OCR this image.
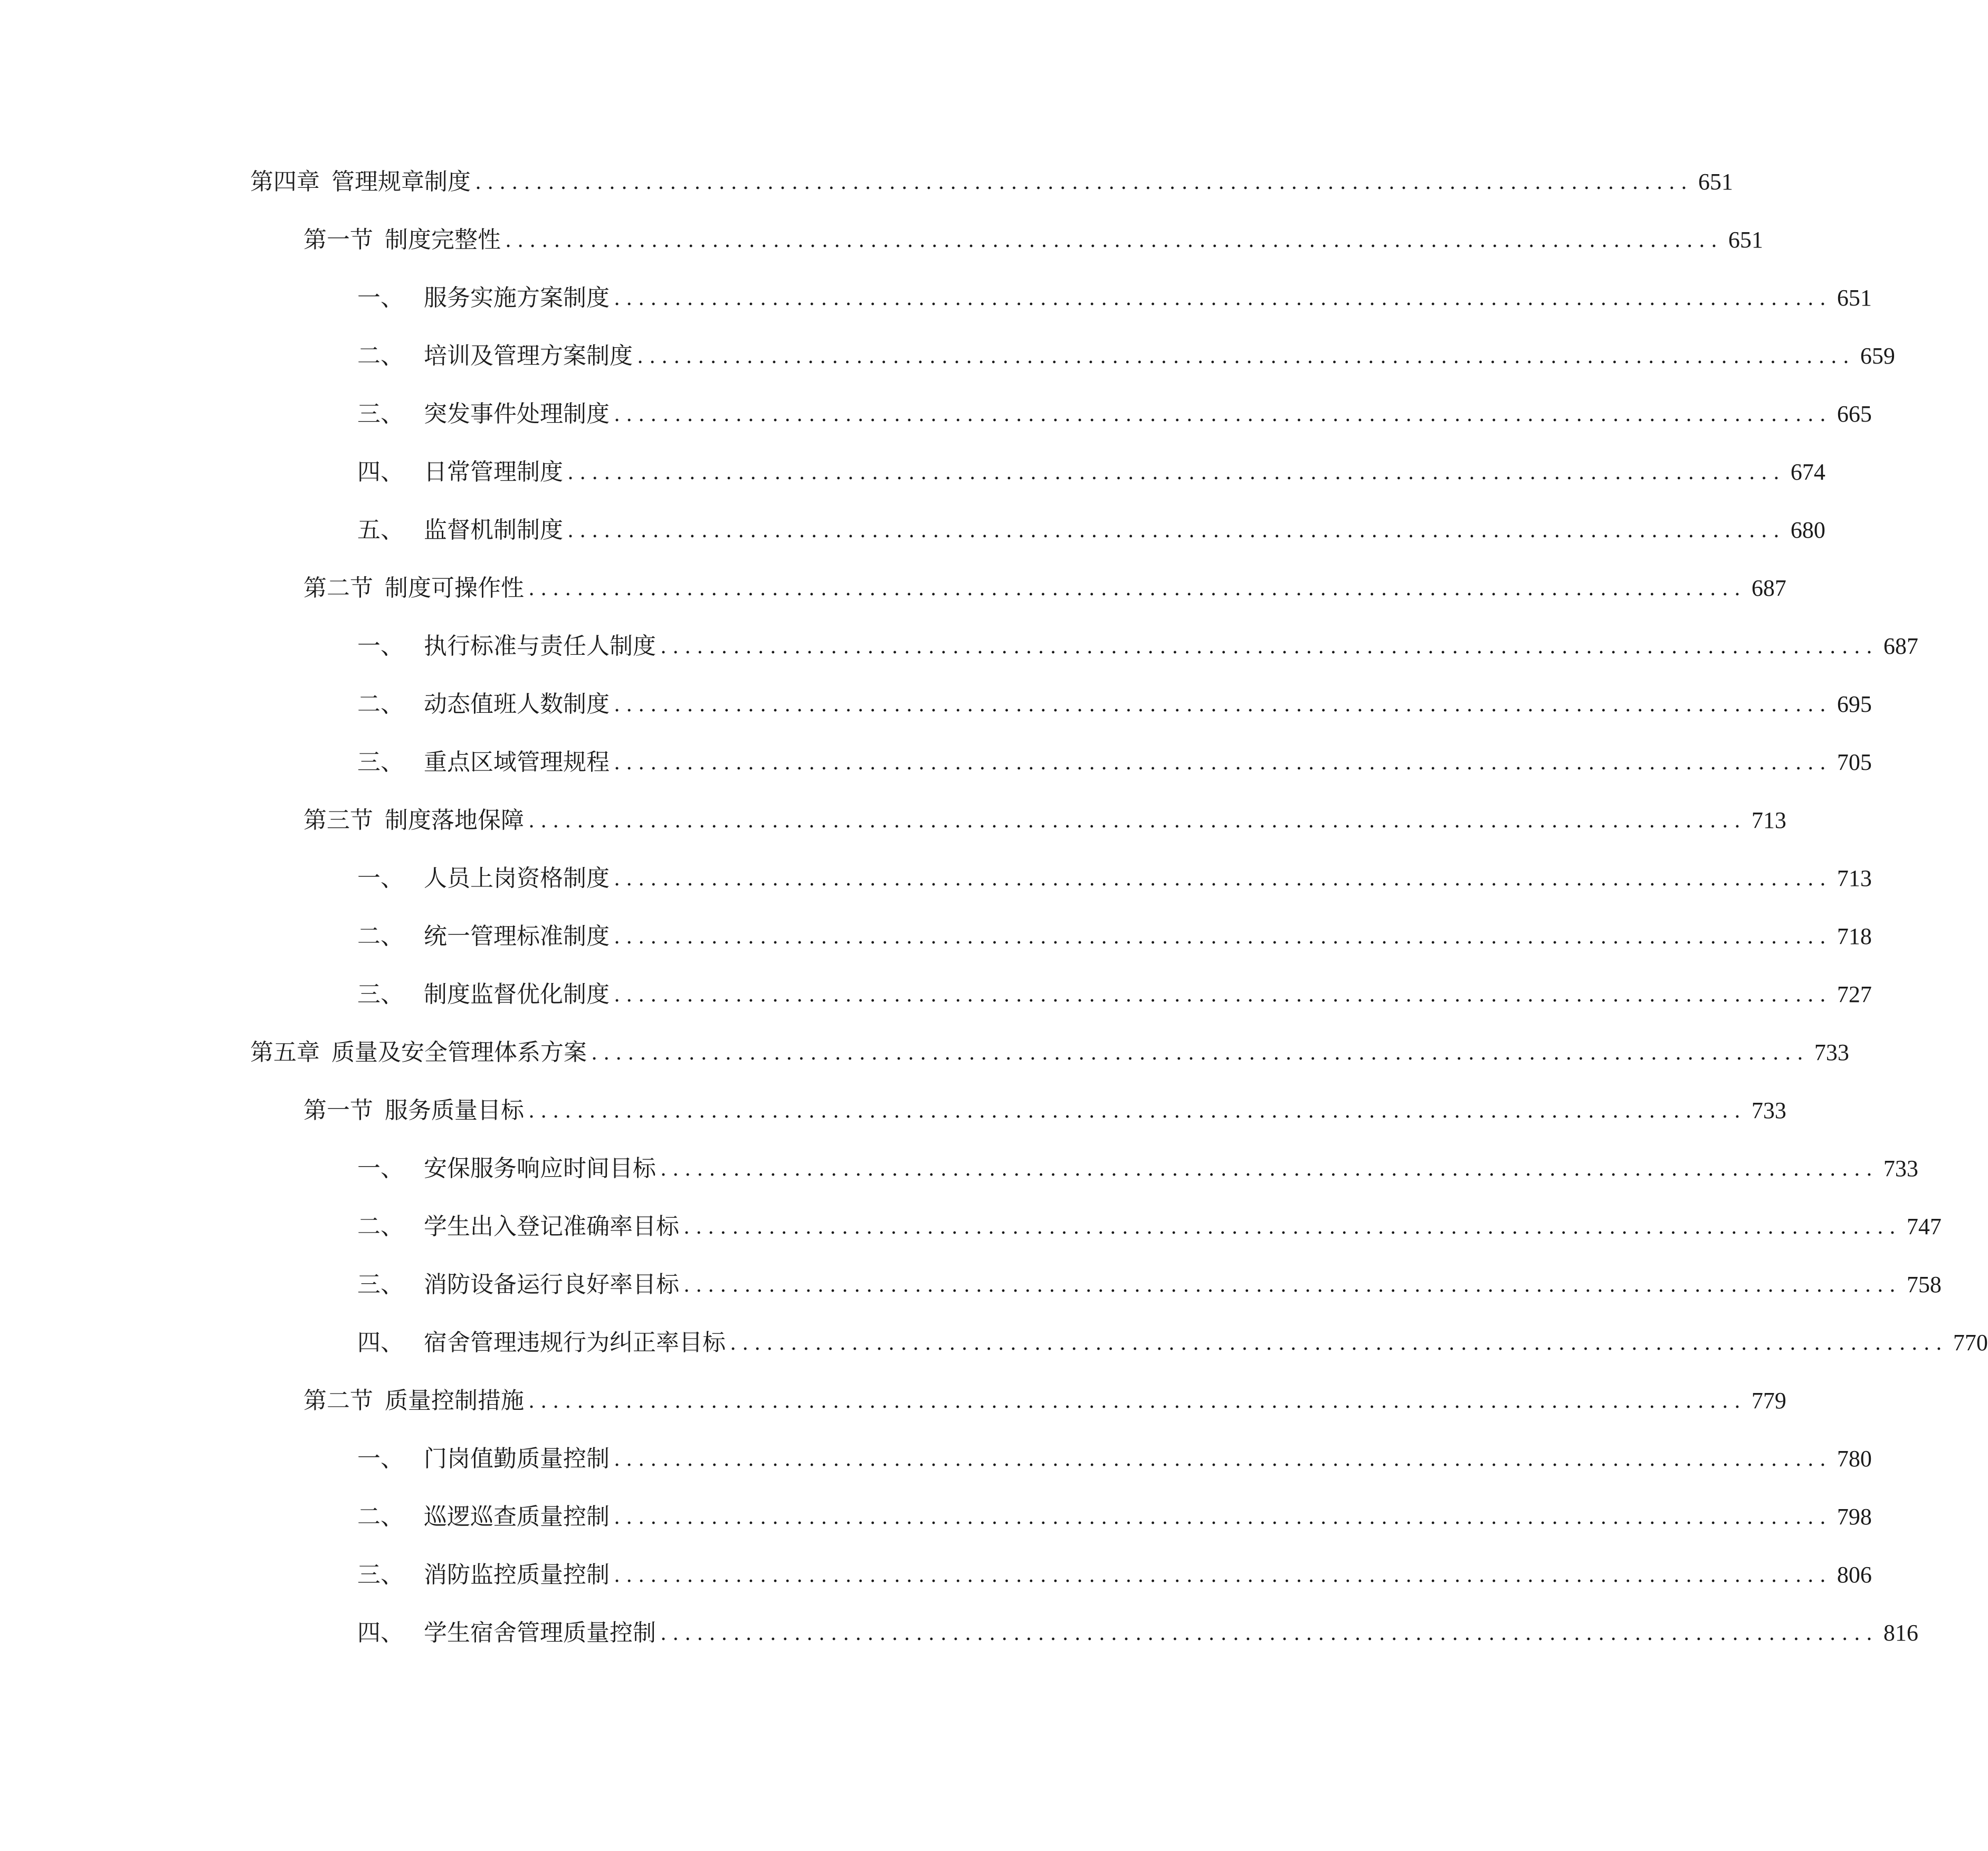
第四章 管理规章制度 .................................................................................................... 651
第一节 制度完整性 .................................................................................................... 651
一、 服务实施方案制度 .................................................................................................... 651
二、 培训及管理方案制度 .................................................................................................... 659
三、 突发事件处理制度 .................................................................................................... 665
四、 日常管理制度 .................................................................................................... 674
五、 监督机制制度 .................................................................................................... 680
第二节 制度可操作性 .................................................................................................... 687
一、 执行标准与责任人制度 .................................................................................................... 687
二、 动态值班人数制度 .................................................................................................... 695
三、 重点区域管理规程 .................................................................................................... 705
第三节 制度落地保障 .................................................................................................... 713
一、 人员上岗资格制度 .................................................................................................... 713
二、 统一管理标准制度 .................................................................................................... 718
三、 制度监督优化制度 .................................................................................................... 727
第五章 质量及安全管理体系方案 .................................................................................................... 733
第一节 服务质量目标 .................................................................................................... 733
一、 安保服务响应时间目标 .................................................................................................... 733
二、 学生出入登记准确率目标 .................................................................................................... 747
三、 消防设备运行良好率目标 .................................................................................................... 758
四、 宿舍管理违规行为纠正率目标 .................................................................................................... 770
第二节 质量控制措施 .................................................................................................... 779
一、 门岗值勤质量控制 .................................................................................................... 780
二、 巡逻巡查质量控制 .................................................................................................... 798
三、 消防监控质量控制 .................................................................................................... 806
四、 学生宿舍管理质量控制 .................................................................................................... 816
